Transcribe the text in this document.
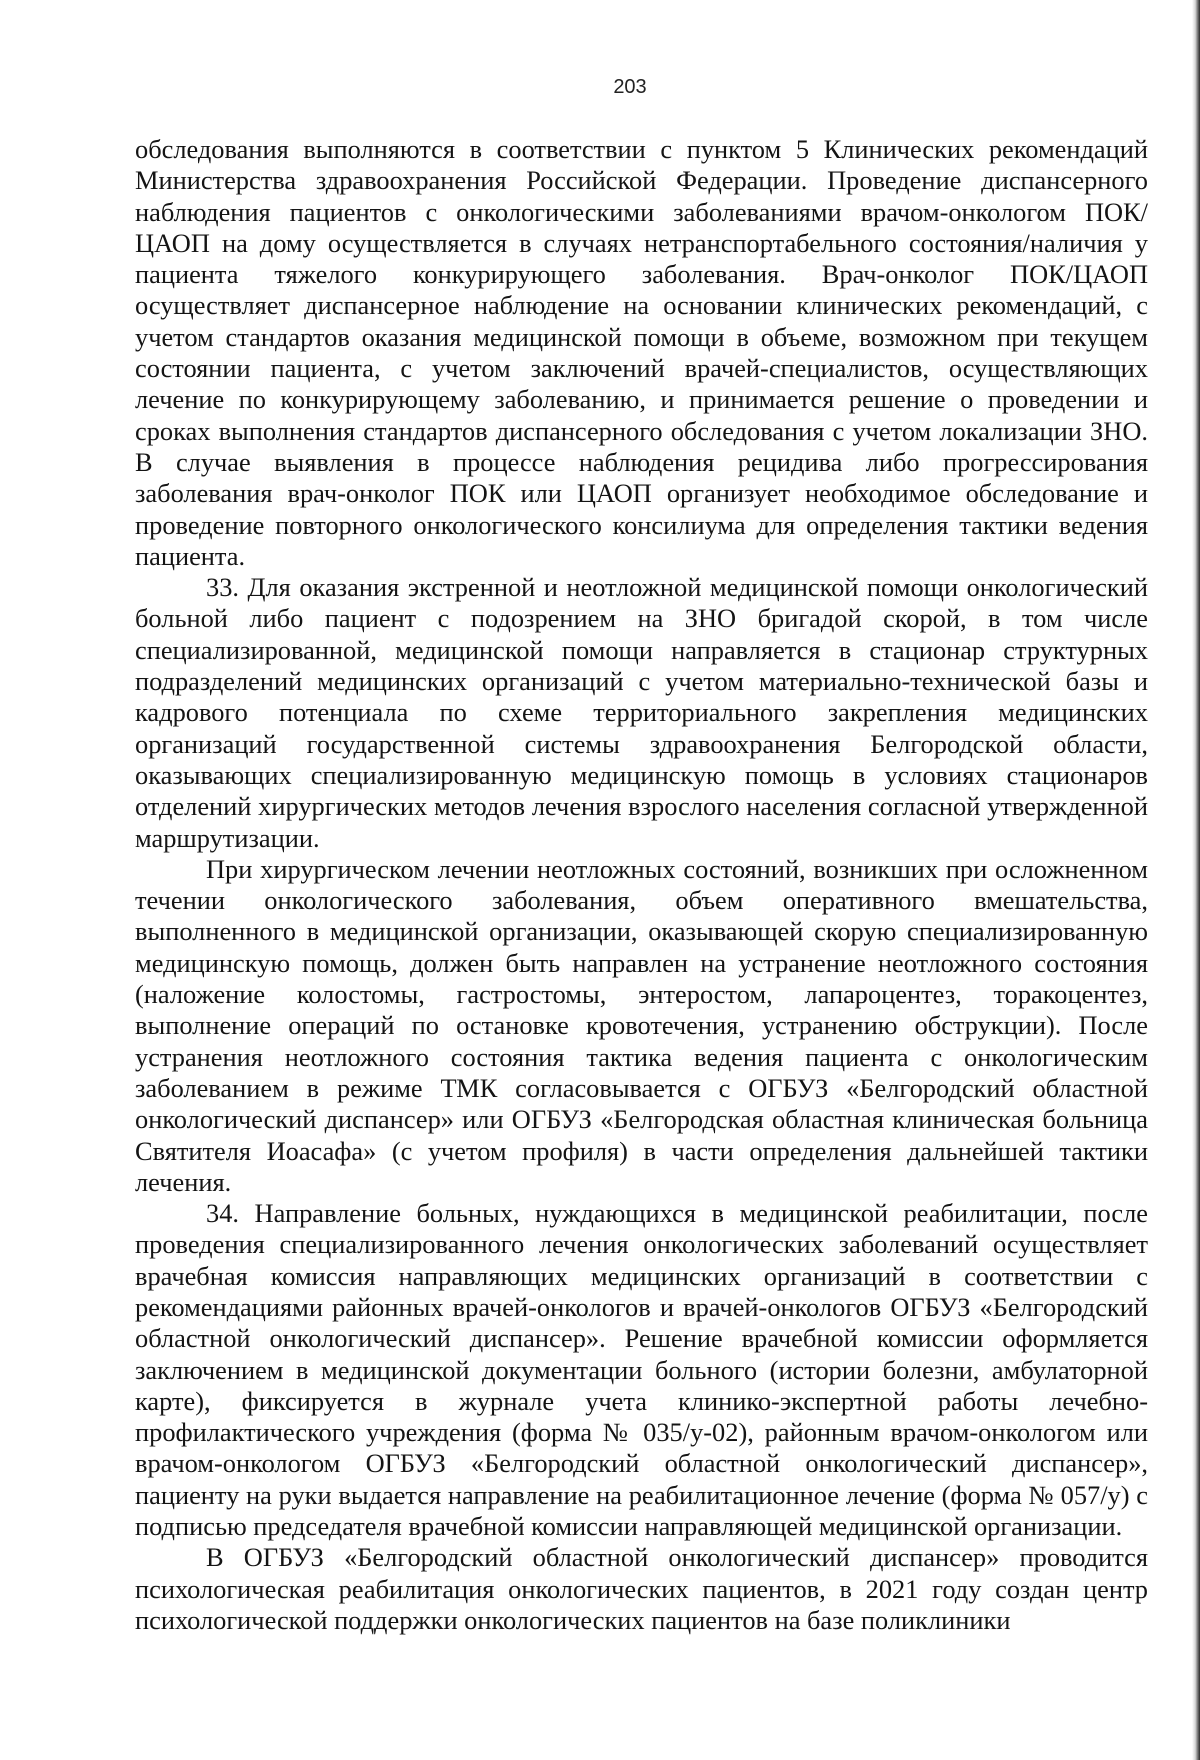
203

обследования выполняются в соответствии с пунктом 5 Клинических рекомендаций Министерства здравоохранения Российской Федерации. Проведение диспансерного наблюдения пациентов с онкологическими заболеваниями врачом-онкологом ПОК/ЦАОП на дому осуществляется в случаях нетранспортабельного состояния/наличия у пациента тяжелого конкурирующего заболевания. Врач-онколог ПОК/ЦАОП осуществляет диспансерное наблюдение на основании клинических рекомендаций, с учетом стандартов оказания медицинской помощи в объеме, возможном при текущем состоянии пациента, с учетом заключений врачей-специалистов, осуществляющих лечение по конкурирующему заболеванию, и принимается решение о проведении и сроках выполнения стандартов диспансерного обследования с учетом локализации ЗНО. В случае выявления в процессе наблюдения рецидива либо прогрессирования заболевания врач-онколог ПОК или ЦАОП организует необходимое обследование и проведение повторного онкологического консилиума для определения тактики ведения пациента.

33. Для оказания экстренной и неотложной медицинской помощи онкологический больной либо пациент с подозрением на ЗНО бригадой скорой, в том числе специализированной, медицинской помощи направляется в стационар структурных подразделений медицинских организаций с учетом материально-технической базы и кадрового потенциала по схеме территориального закрепления медицинских организаций государственной системы здравоохранения Белгородской области, оказывающих специализированную медицинскую помощь в условиях стационаров отделений хирургических методов лечения взрослого населения согласной утвержденной маршрутизации.

При хирургическом лечении неотложных состояний, возникших при осложненном течении онкологического заболевания, объем оперативного вмешательства, выполненного в медицинской организации, оказывающей скорую специализированную медицинскую помощь, должен быть направлен на устранение неотложного состояния (наложение колостомы, гастростомы, энтеростом, лапароцентез, торакоцентез, выполнение операций по остановке кровотечения, устранению обструкции). После устранения неотложного состояния тактика ведения пациента с онкологическим заболеванием в режиме ТМК согласовывается с ОГБУЗ «Белгородский областной онкологический диспансер» или ОГБУЗ «Белгородская областная клиническая больница Святителя Иоасафа» (с учетом профиля) в части определения дальнейшей тактики лечения.

34. Направление больных, нуждающихся в медицинской реабилитации, после проведения специализированного лечения онкологических заболеваний осуществляет врачебная комиссия направляющих медицинских организаций в соответствии с рекомендациями районных врачей-онкологов и врачей-онкологов ОГБУЗ «Белгородский областной онкологический диспансер». Решение врачебной комиссии оформляется заключением в медицинской документации больного (истории болезни, амбулаторной карте), фиксируется в журнале учета клинико-экспертной работы лечебно-профилактического учреждения (форма № 035/у-02), районным врачом-онкологом или врачом-онкологом ОГБУЗ «Белгородский областной онкологический диспансер», пациенту на руки выдается направление на реабилитационное лечение (форма № 057/у) с подписью председателя врачебной комиссии направляющей медицинской организации.

В ОГБУЗ «Белгородский областной онкологический диспансер» проводится психологическая реабилитация онкологических пациентов, в 2021 году создан центр психологической поддержки онкологических пациентов на базе поликлиники
